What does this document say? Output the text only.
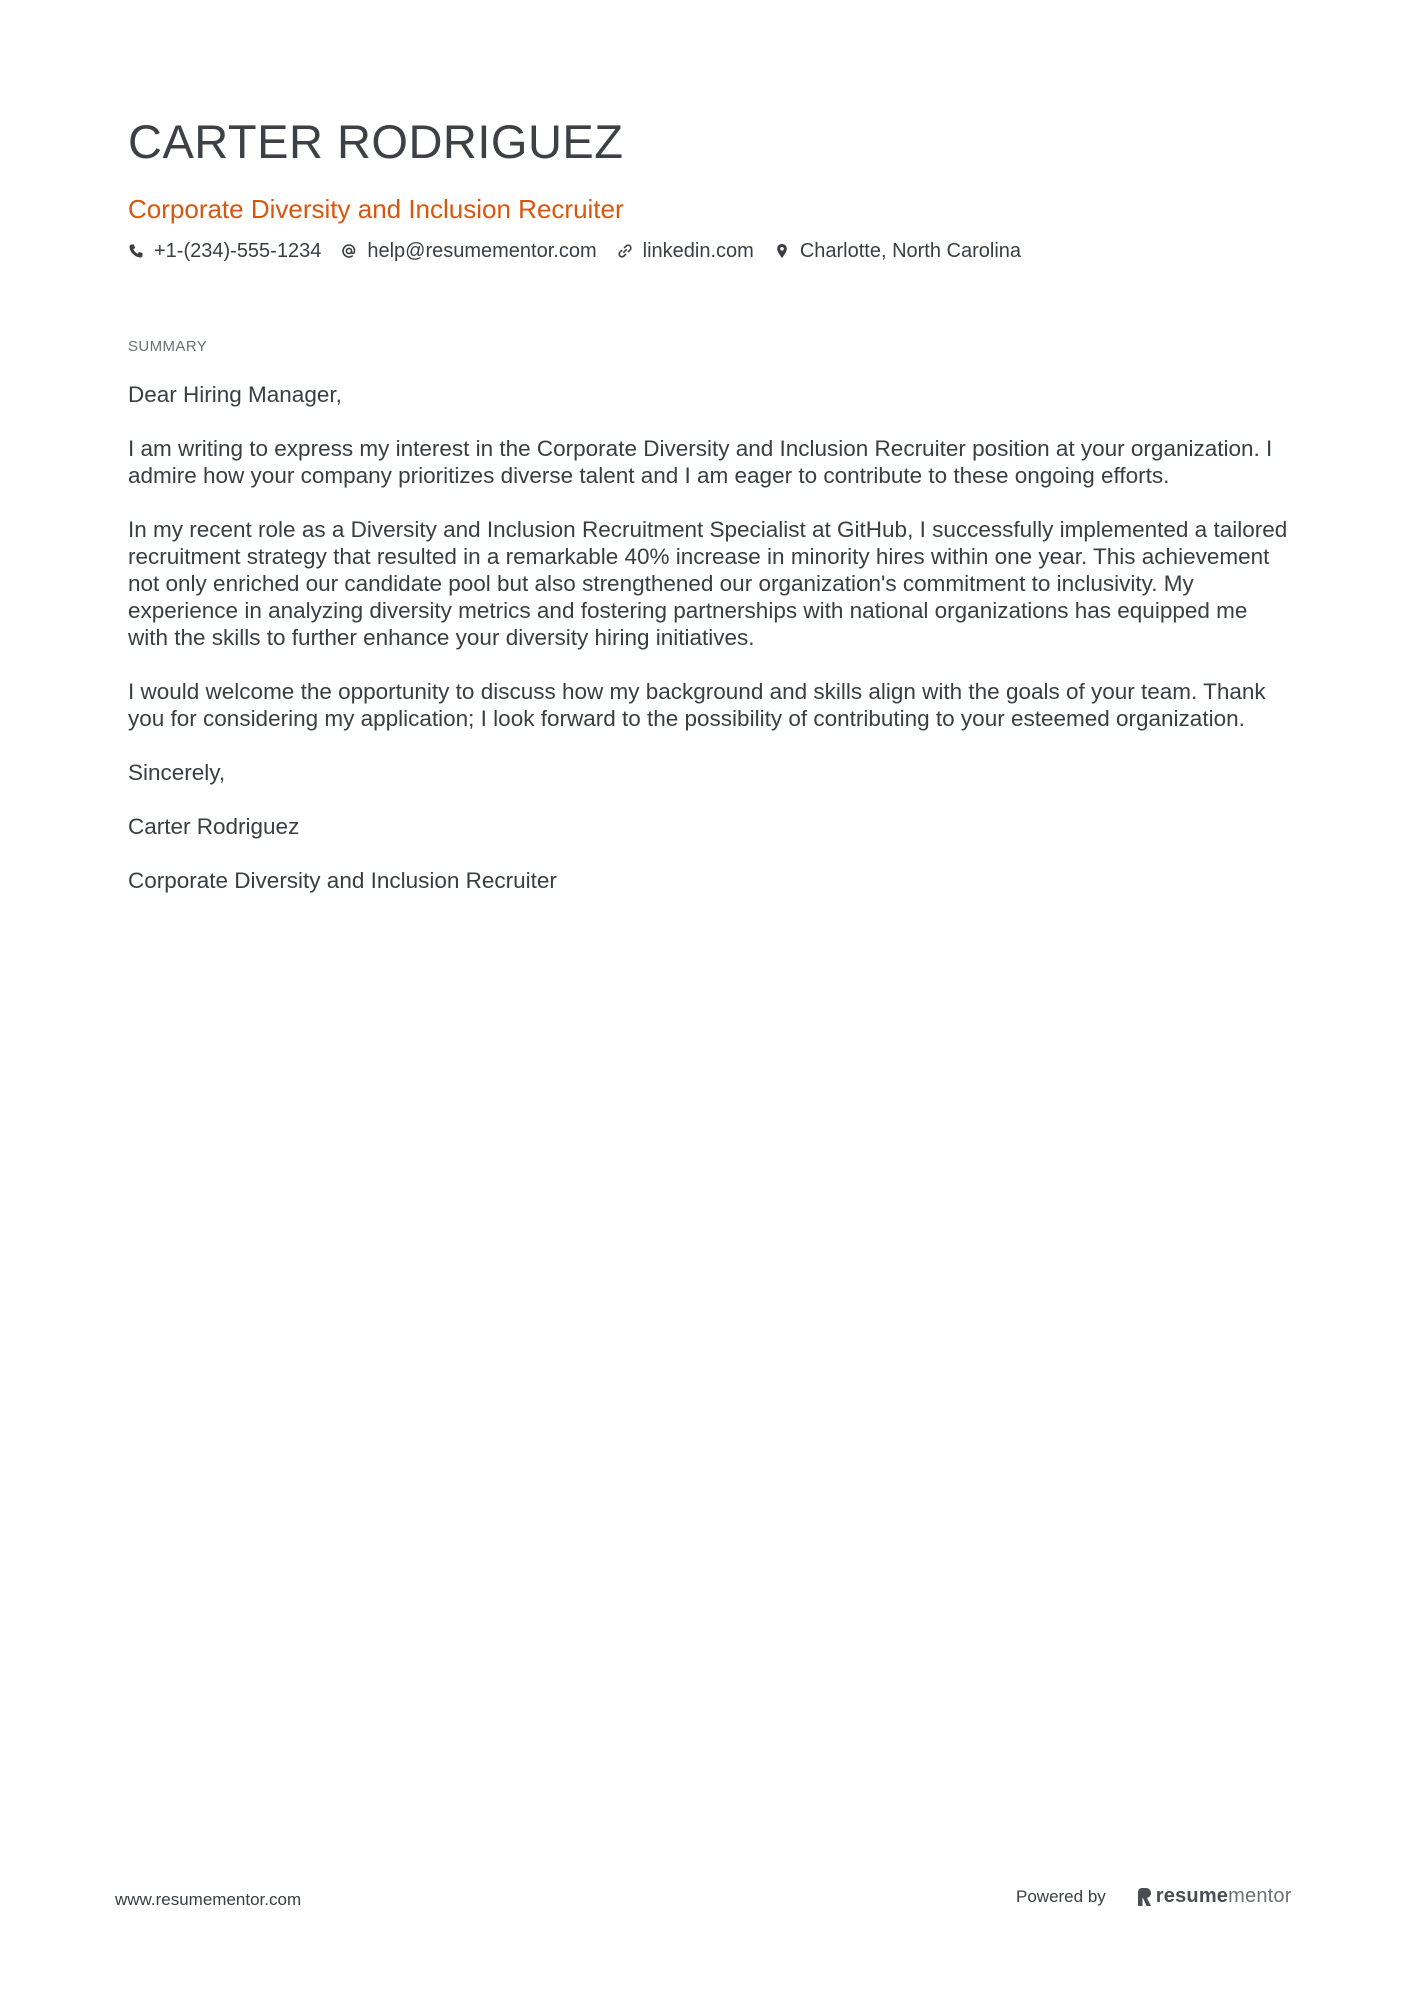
CARTER RODRIGUEZ
Corporate Diversity and Inclusion Recruiter
+1-(234)-555-1234 help@resumementor.com linkedin.com Charlotte, North Carolina
SUMMARY

Dear Hiring Manager,

I am writing to express my interest in the Corporate Diversity and Inclusion Recruiter position at your organization. I admire how your company prioritizes diverse talent and I am eager to contribute to these ongoing efforts.

In my recent role as a Diversity and Inclusion Recruitment Specialist at GitHub, I successfully implemented a tailored recruitment strategy that resulted in a remarkable 40% increase in minority hires within one year. This achievement not only enriched our candidate pool but also strengthened our organization's commitment to inclusivity. My experience in analyzing diversity metrics and fostering partnerships with national organizations has equipped me with the skills to further enhance your diversity hiring initiatives.

I would welcome the opportunity to discuss how my background and skills align with the goals of your team. Thank you for considering my application; I look forward to the possibility of contributing to your esteemed organization.

Sincerely,

Carter Rodriguez

Corporate Diversity and Inclusion Recruiter

www.resumementor.com	Powered by	resume mentor
